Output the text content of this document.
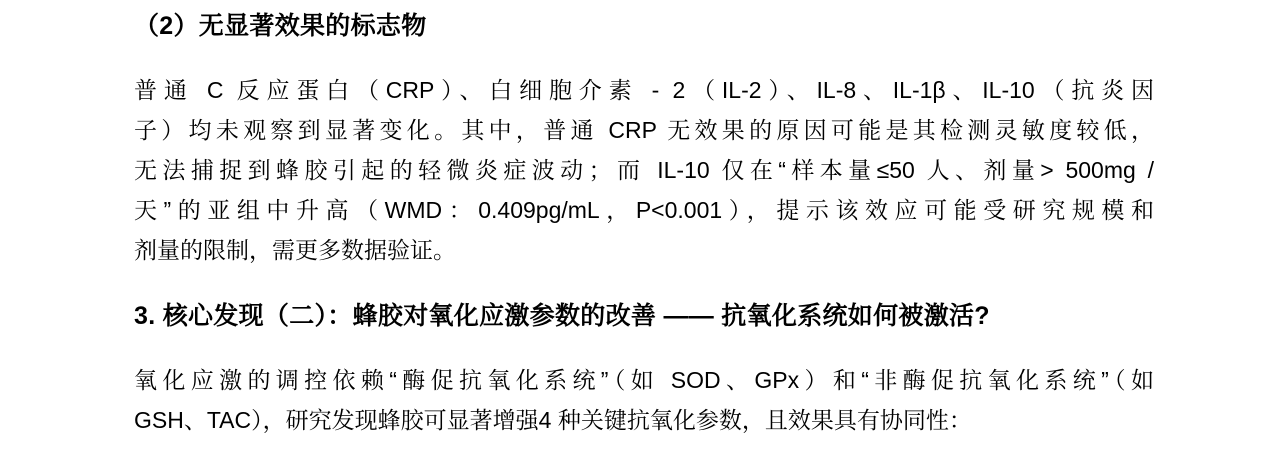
（2）无显著效果的标志物
普通 C 反应蛋白（CRP）、白细胞介素 - 2（IL-2）、IL-8、IL-1β、IL-10（抗炎因
子）均未观察到显著变化。其中，普通 CRP 无效果的原因可能是其检测灵敏度较低，
无法捕捉到蜂胶引起的轻微炎症波动；而 IL-10 仅在“样本量≤50 人、剂量> 500mg /
天”的亚组中升高（WMD：0.409pg/mL，P<0.001），提示该效应可能受研究规模和
剂量的限制，需更多数据验证。
3. 核心发现（二）：蜂胶对氧化应激参数的改善 —— 抗氧化系统如何被激活?
氧化应激的调控依赖“酶促抗氧化系统”（如 SOD、GPx）和“非酶促抗氧化系统”（如
GSH、TAC），研究发现蜂胶可显著增强4 种关键抗氧化参数，且效果具有协同性：
